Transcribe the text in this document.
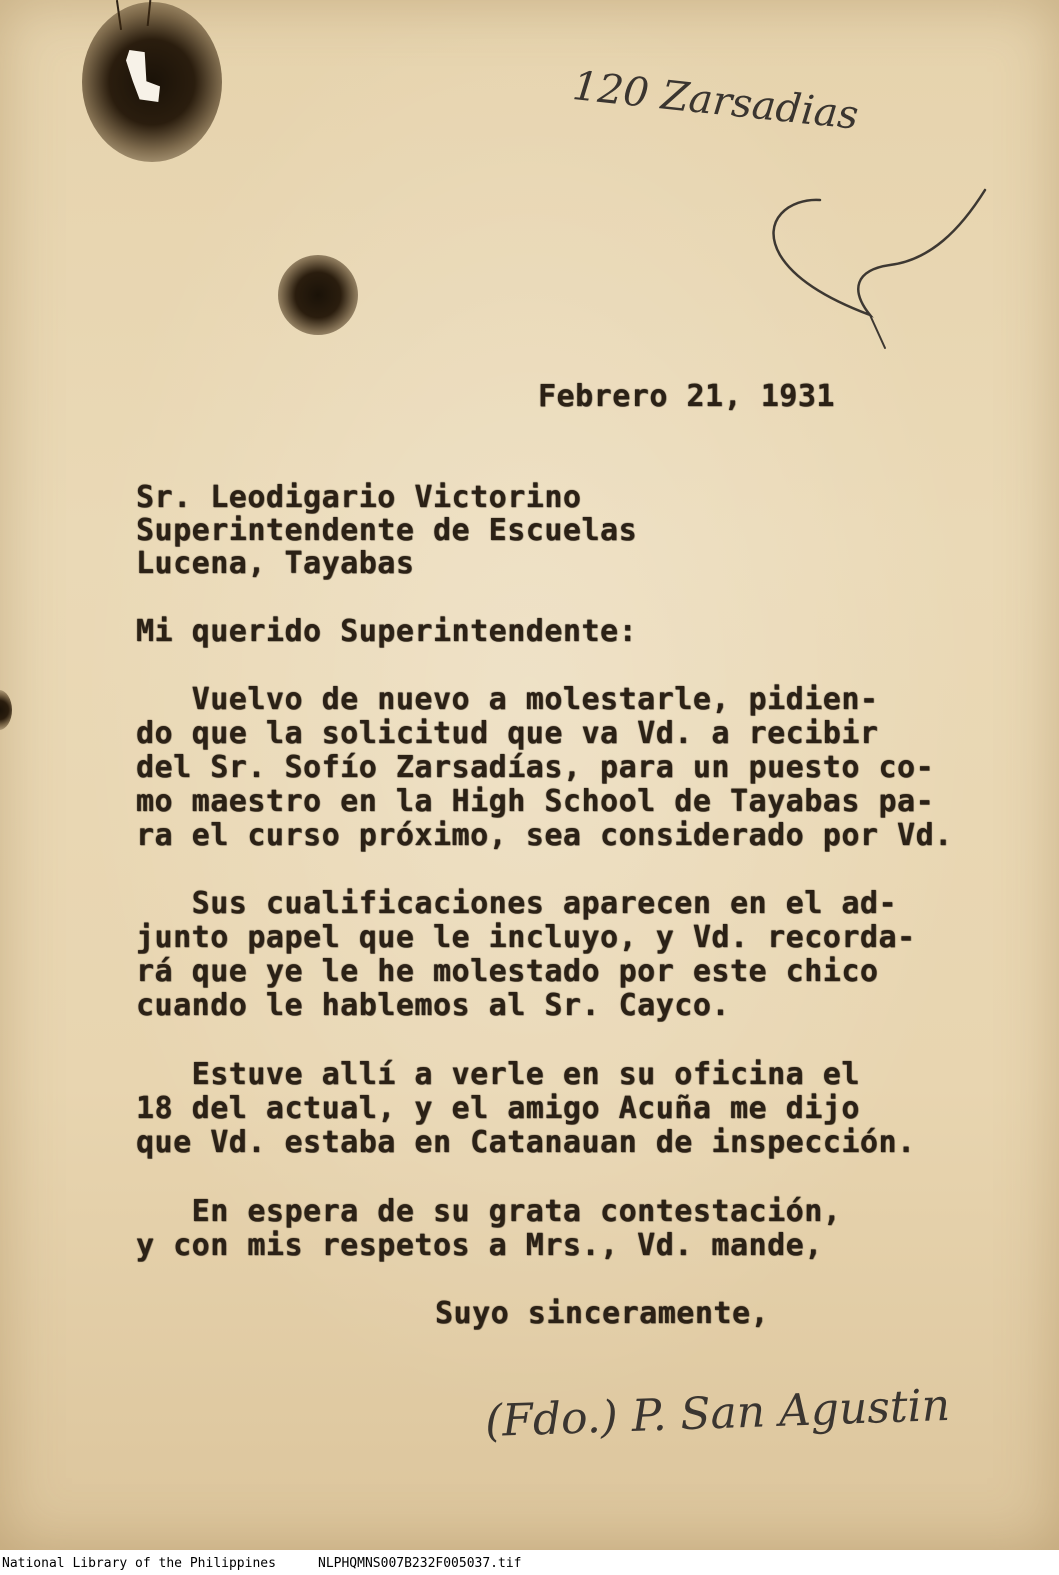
120 Zarsadias

Febrero 21, 1931

Sr. Leodigario Victorino

Superintendente de Escuelas

Lucena, Tayabas

Mi querido Superintendente:

Vuelvo de nuevo a molestarle, pidien-

do que la solicitud que va Vd. a recibir

del Sr. Sofío Zarsadías, para un puesto co-

mo maestro en la High School de Tayabas pa-

ra el curso próximo, sea considerado por Vd.

Sus cualificaciones aparecen en el ad-

junto papel que le incluyo, y Vd. recorda-

rá que ye le he molestado por este chico

cuando le hablemos al Sr. Cayco.

Estuve allí a verle en su oficina el

18 del actual, y el amigo Acuña me dijo

que Vd. estaba en Catanauan de inspección.

En espera de su grata contestación,

y con mis respetos a Mrs., Vd. mande,

Suyo sinceramente,

(Fdo.) P. San Agustin
National Library of the Philippines	NLPHQMNS007B232F005037.tif
